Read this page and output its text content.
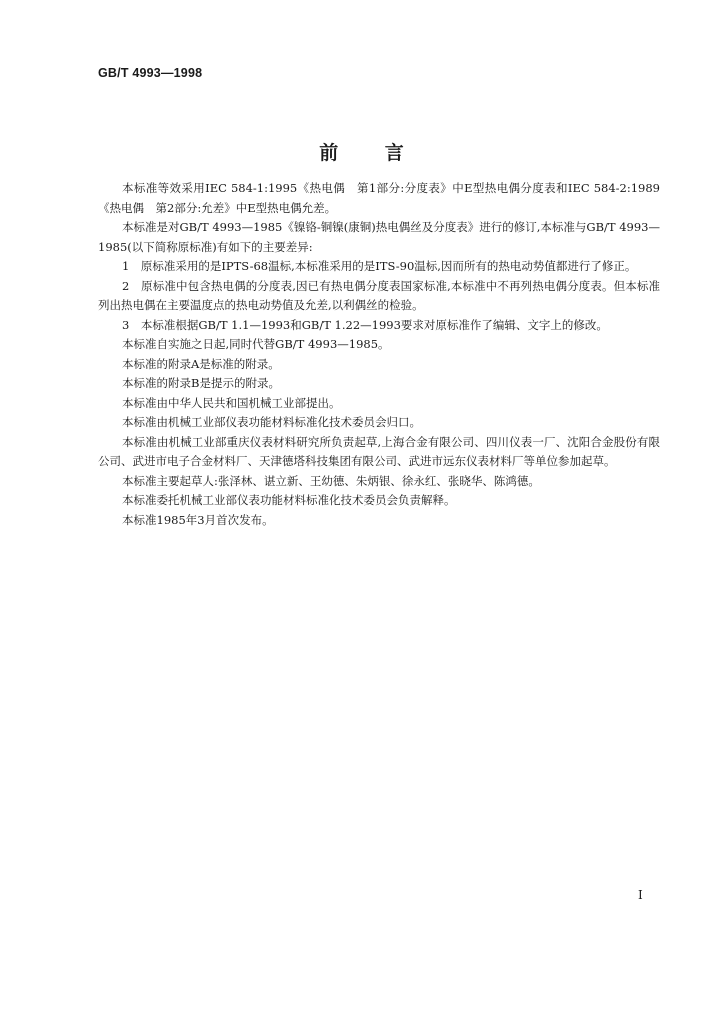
GB/T 4993—1998
前 言

本标准等效采用IEC 584-1:1995《热电偶　第1部分:分度表》中E型热电偶分度表和IEC 584-2:1989《热电偶　第2部分:允差》中E型热电偶允差。

本标准是对GB/T 4993—1985《镍铬-铜镍(康铜)热电偶丝及分度表》进行的修订,本标准与GB/T 4993—1985(以下简称原标准)有如下的主要差异:

1　原标准采用的是IPTS-68温标,本标准采用的是ITS-90温标,因而所有的热电动势值都进行了修正。

2　原标准中包含热电偶的分度表,因已有热电偶分度表国家标准,本标准中不再列热电偶分度表。但本标准列出热电偶在主要温度点的热电动势值及允差,以利偶丝的检验。

3　本标准根据GB/T 1.1—1993和GB/T 1.22—1993要求对原标准作了编辑、文字上的修改。

本标准自实施之日起,同时代替GB/T 4993—1985。

本标准的附录A是标准的附录。

本标准的附录B是提示的附录。

本标准由中华人民共和国机械工业部提出。

本标准由机械工业部仪表功能材料标准化技术委员会归口。

本标准由机械工业部重庆仪表材料研究所负责起草,上海合金有限公司、四川仪表一厂、沈阳合金股份有限公司、武进市电子合金材料厂、天津德塔科技集团有限公司、武进市远东仪表材料厂等单位参加起草。

本标准主要起草人:张泽林、谌立新、王幼德、朱炳银、徐永红、张晓华、陈鸿德。

本标准委托机械工业部仪表功能材料标准化技术委员会负责解释。

本标准1985年3月首次发布。

I
